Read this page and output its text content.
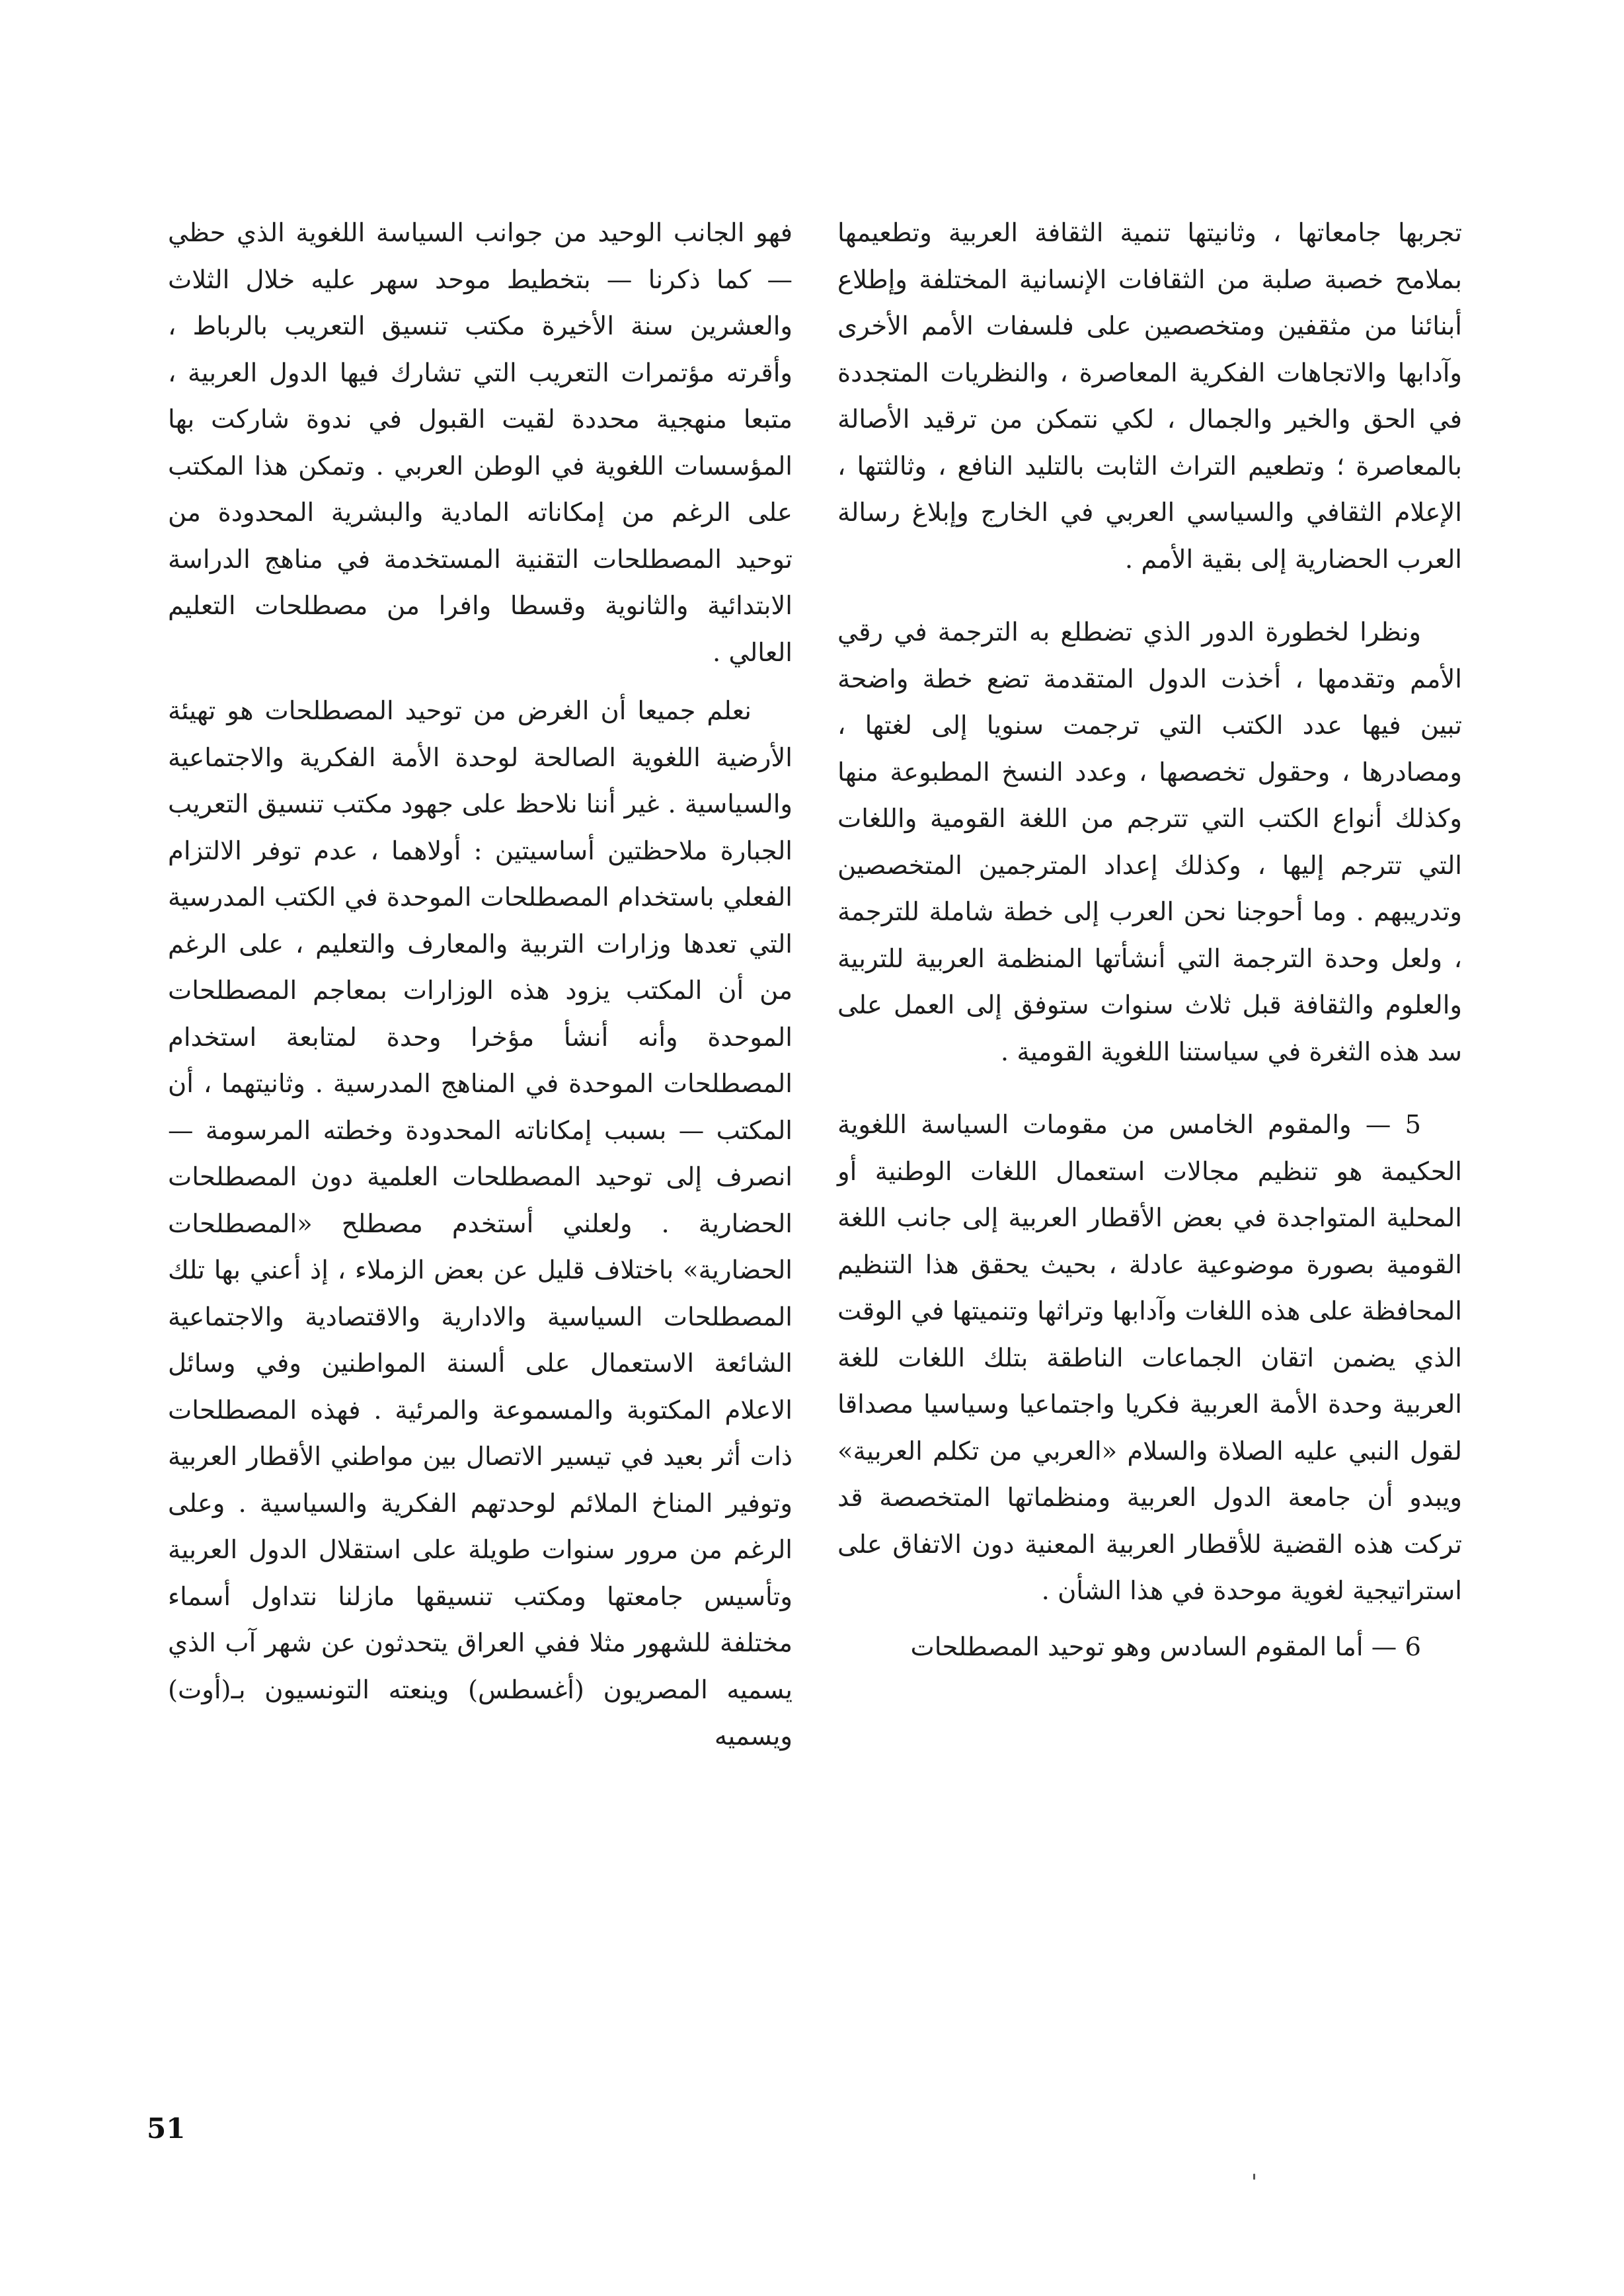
تجربها جامعاتها ، وثانيتها تنمية الثقافة العربية وتطعيمها بملامح خصبة صلبة من الثقافات الإنسانية المختلفة وإطلاع أبنائنا من مثقفين ومتخصصين على فلسفات الأمم الأخرى وآدابها والاتجاهات الفكرية المعاصرة ، والنظريات المتجددة في الحق والخير والجمال ، لكي نتمكن من ترقيد الأصالة بالمعاصرة ؛ وتطعيم التراث الثابت بالتليد النافع ، وثالثتها ، الإعلام الثقافي والسياسي العربي في الخارج وإبلاغ رسالة العرب الحضارية إلى بقية الأمم .

ونظرا لخطورة الدور الذي تضطلع به الترجمة في رقي الأمم وتقدمها ، أخذت الدول المتقدمة تضع خطة واضحة تبين فيها عدد الكتب التي ترجمت سنويا إلى لغتها ، ومصادرها ، وحقول تخصصها ، وعدد النسخ المطبوعة منها وكذلك أنواع الكتب التي تترجم من اللغة القومية واللغات التي تترجم إليها ، وكذلك إعداد المترجمين المتخصصين وتدريبهم . وما أحوجنا نحن العرب إلى خطة شاملة للترجمة ، ولعل وحدة الترجمة التي أنشأتها المنظمة العربية للتربية والعلوم والثقافة قبل ثلاث سنوات ستوفق إلى العمل على سد هذه الثغرة في سياستنا اللغوية القومية .

5 — والمقوم الخامس من مقومات السياسة اللغوية الحكيمة هو تنظيم مجالات استعمال اللغات الوطنية أو المحلية المتواجدة في بعض الأقطار العربية إلى جانب اللغة القومية بصورة موضوعية عادلة ، بحيث يحقق هذا التنظيم المحافظة على هذه اللغات وآدابها وتراثها وتنميتها في الوقت الذي يضمن اتقان الجماعات الناطقة بتلك اللغات للغة العربية وحدة الأمة العربية فكريا واجتماعيا وسياسيا مصداقا لقول النبي عليه الصلاة والسلام «العربي من تكلم العربية» ويبدو أن جامعة الدول العربية ومنظماتها المتخصصة قد تركت هذه القضية للأقطار العربية المعنية دون الاتفاق على استراتيجية لغوية موحدة في هذا الشأن .

6 — أما المقوم السادس وهو توحيد المصطلحات

فهو الجانب الوحيد من جوانب السياسة اللغوية الذي حظي — كما ذكرنا — بتخطيط موحد سهر عليه خلال الثلاث والعشرين سنة الأخيرة مكتب تنسيق التعريب بالرباط ، وأقرته مؤتمرات التعريب التي تشارك فيها الدول العربية ، متبعا منهجية محددة لقيت القبول في ندوة شاركت بها المؤسسات اللغوية في الوطن العربي . وتمكن هذا المكتب على الرغم من إمكاناته المادية والبشرية المحدودة من توحيد المصطلحات التقنية المستخدمة في مناهج الدراسة الابتدائية والثانوية وقسطا وافرا من مصطلحات التعليم العالي .

نعلم جميعا أن الغرض من توحيد المصطلحات هو تهيئة الأرضية اللغوية الصالحة لوحدة الأمة الفكرية والاجتماعية والسياسية . غير أننا نلاحظ على جهود مكتب تنسيق التعريب الجبارة ملاحظتين أساسيتين : أولاهما ، عدم توفر الالتزام الفعلي باستخدام المصطلحات الموحدة في الكتب المدرسية التي تعدها وزارات التربية والمعارف والتعليم ، على الرغم من أن المكتب يزود هذه الوزارات بمعاجم المصطلحات الموحدة وأنه أنشأ مؤخرا وحدة لمتابعة استخدام المصطلحات الموحدة في المناهج المدرسية . وثانيتهما ، أن المكتب — بسبب إمكاناته المحدودة وخطته المرسومة — انصرف إلى توحيد المصطلحات العلمية دون المصطلحات الحضارية . ولعلني أستخدم مصطلح «المصطلحات الحضارية» باختلاف قليل عن بعض الزملاء ، إذ أعني بها تلك المصطلحات السياسية والادارية والاقتصادية والاجتماعية الشائعة الاستعمال على ألسنة المواطنين وفي وسائل الاعلام المكتوبة والمسموعة والمرئية . فهذه المصطلحات ذات أثر بعيد في تيسير الاتصال بين مواطني الأقطار العربية وتوفير المناخ الملائم لوحدتهم الفكرية والسياسية . وعلى الرغم من مرور سنوات طويلة على استقلال الدول العربية وتأسيس جامعتها ومكتب تنسيقها مازلنا نتداول أسماء مختلفة للشهور مثلا ففي العراق يتحدثون عن شهر آب الذي يسميه المصريون (أغسطس) وينعته التونسيون بـ(أوت) ويسميه

51
